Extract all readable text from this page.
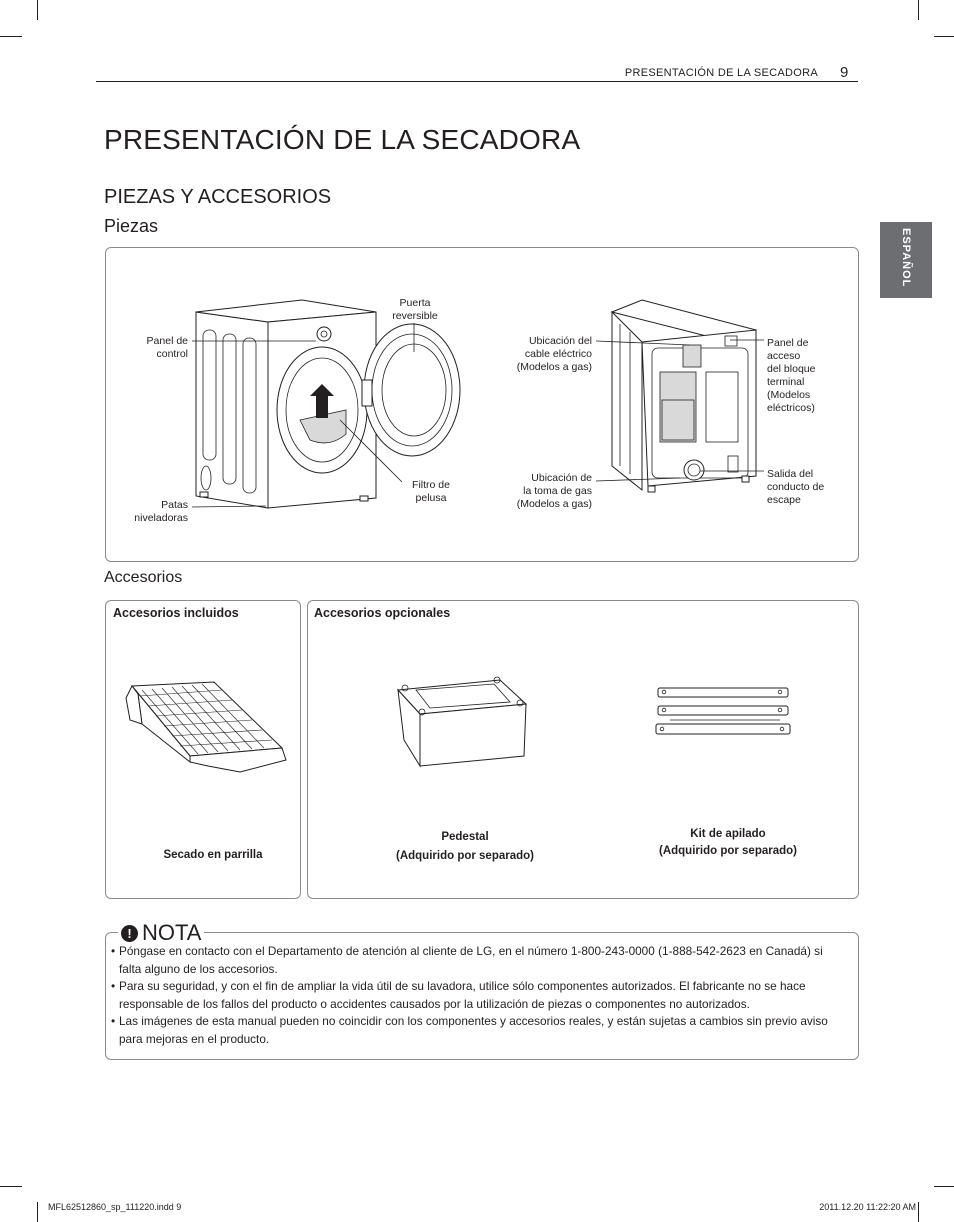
PRESENTACIÓN DE LA SECADORA 9
ESPAÑOL
PRESENTACIÓN DE LA SECADORA
PIEZAS Y ACCESORIOS
Piezas
Panel de
control
Puerta
reversible
Patas
niveladoras
Filtro de
pelusa
Ubicación del
cable eléctrico
(Modelos a gas)
Ubicación de
la toma de gas
(Modelos a gas)
Panel de
acceso
del bloque
terminal
(Modelos
eléctricos)
Salida del
conducto de
escape
Accesorios
Accesorios incluidos	Accesorios opcionales
Secado en parrilla
Pedestal
(Adquirido por separado)
Kit de apilado
(Adquirido por separado)
! NOTA
• Póngase en contacto con el Departamento de atención al cliente de LG, en el número 1-800-243-0000 (1-888-542-2623 en Canadá) si falta alguno de los accesorios.
• Para su seguridad, y con el fin de ampliar la vida útil de su lavadora, utilice sólo componentes autorizados. El fabricante no se hace responsable de los fallos del producto o accidentes causados por la utilización de piezas o componentes no autorizados.
• Las imágenes de esta manual pueden no coincidir con los componentes y accesorios reales, y están sujetas a cambios sin previo aviso para mejoras en el producto.
MFL62512860_sp_111220.indd 9	2011.12.20 11:22:20 AM
